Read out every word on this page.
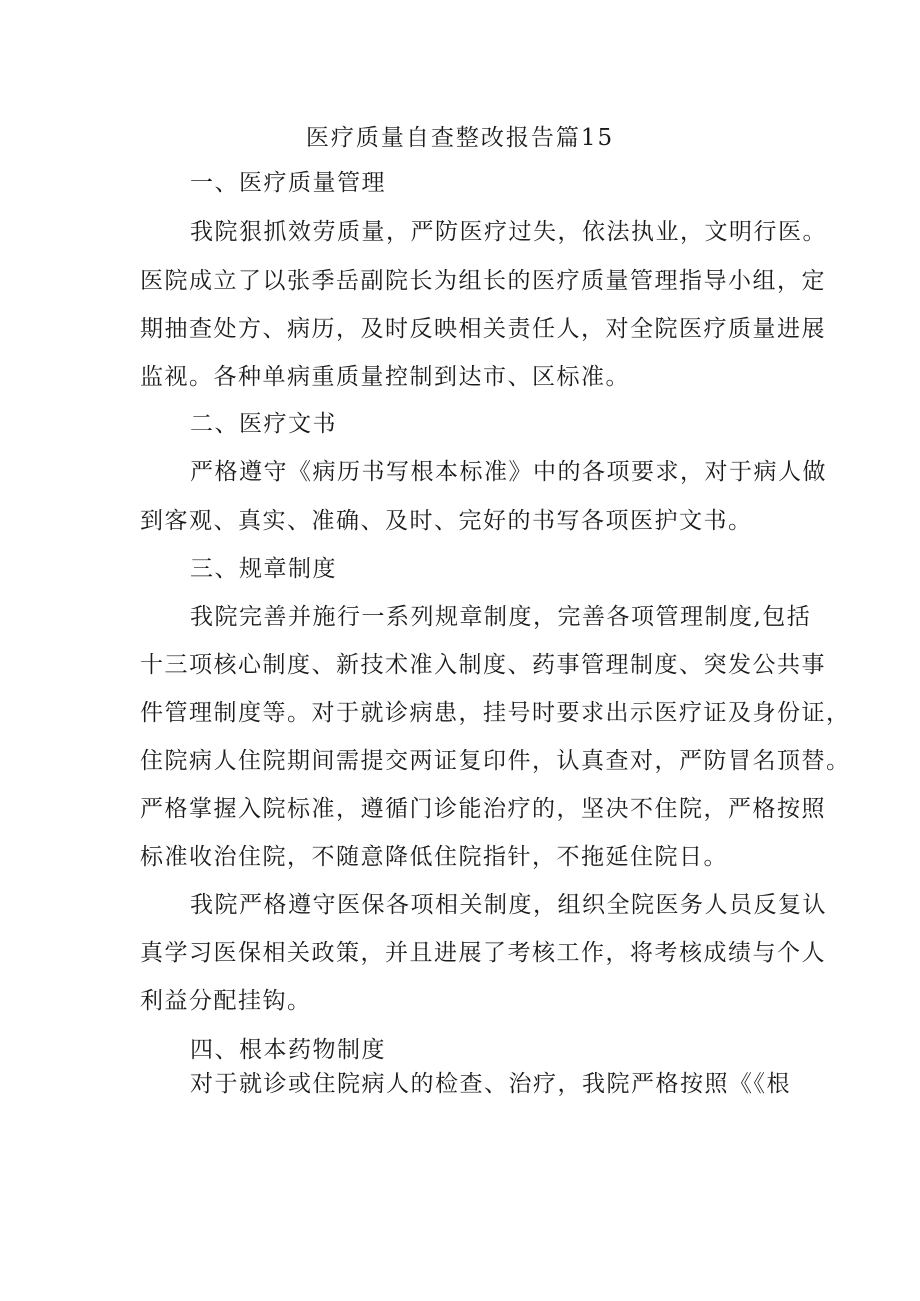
医疗质量自查整改报告篇15
一、医疗质量管理
我院狠抓效劳质量，严防医疗过失，依法执业，文明行医。
医院成立了以张季岳副院长为组长的医疗质量管理指导小组，定
期抽查处方、病历，及时反映相关责任人，对全院医疗质量进展
监视。各种单病重质量控制到达市、区标准。
二、医疗文书
严格遵守《病历书写根本标准》中的各项要求，对于病人做
到客观、真实、准确、及时、完好的书写各项医护文书。
三、规章制度
我院完善并施行一系列规章制度，完善各项管理制度,包括
十三项核心制度、新技术准入制度、药事管理制度、突发公共事
件管理制度等。对于就诊病患，挂号时要求出示医疗证及身份证，
住院病人住院期间需提交两证复印件，认真查对，严防冒名顶替。
严格掌握入院标准，遵循门诊能治疗的，坚决不住院，严格按照
标准收治住院，不随意降低住院指针，不拖延住院日。
我院严格遵守医保各项相关制度，组织全院医务人员反复认
真学习医保相关政策，并且进展了考核工作，将考核成绩与个人
利益分配挂钩。
四、根本药物制度
对于就诊或住院病人的检查、治疗，我院严格按照《《根
